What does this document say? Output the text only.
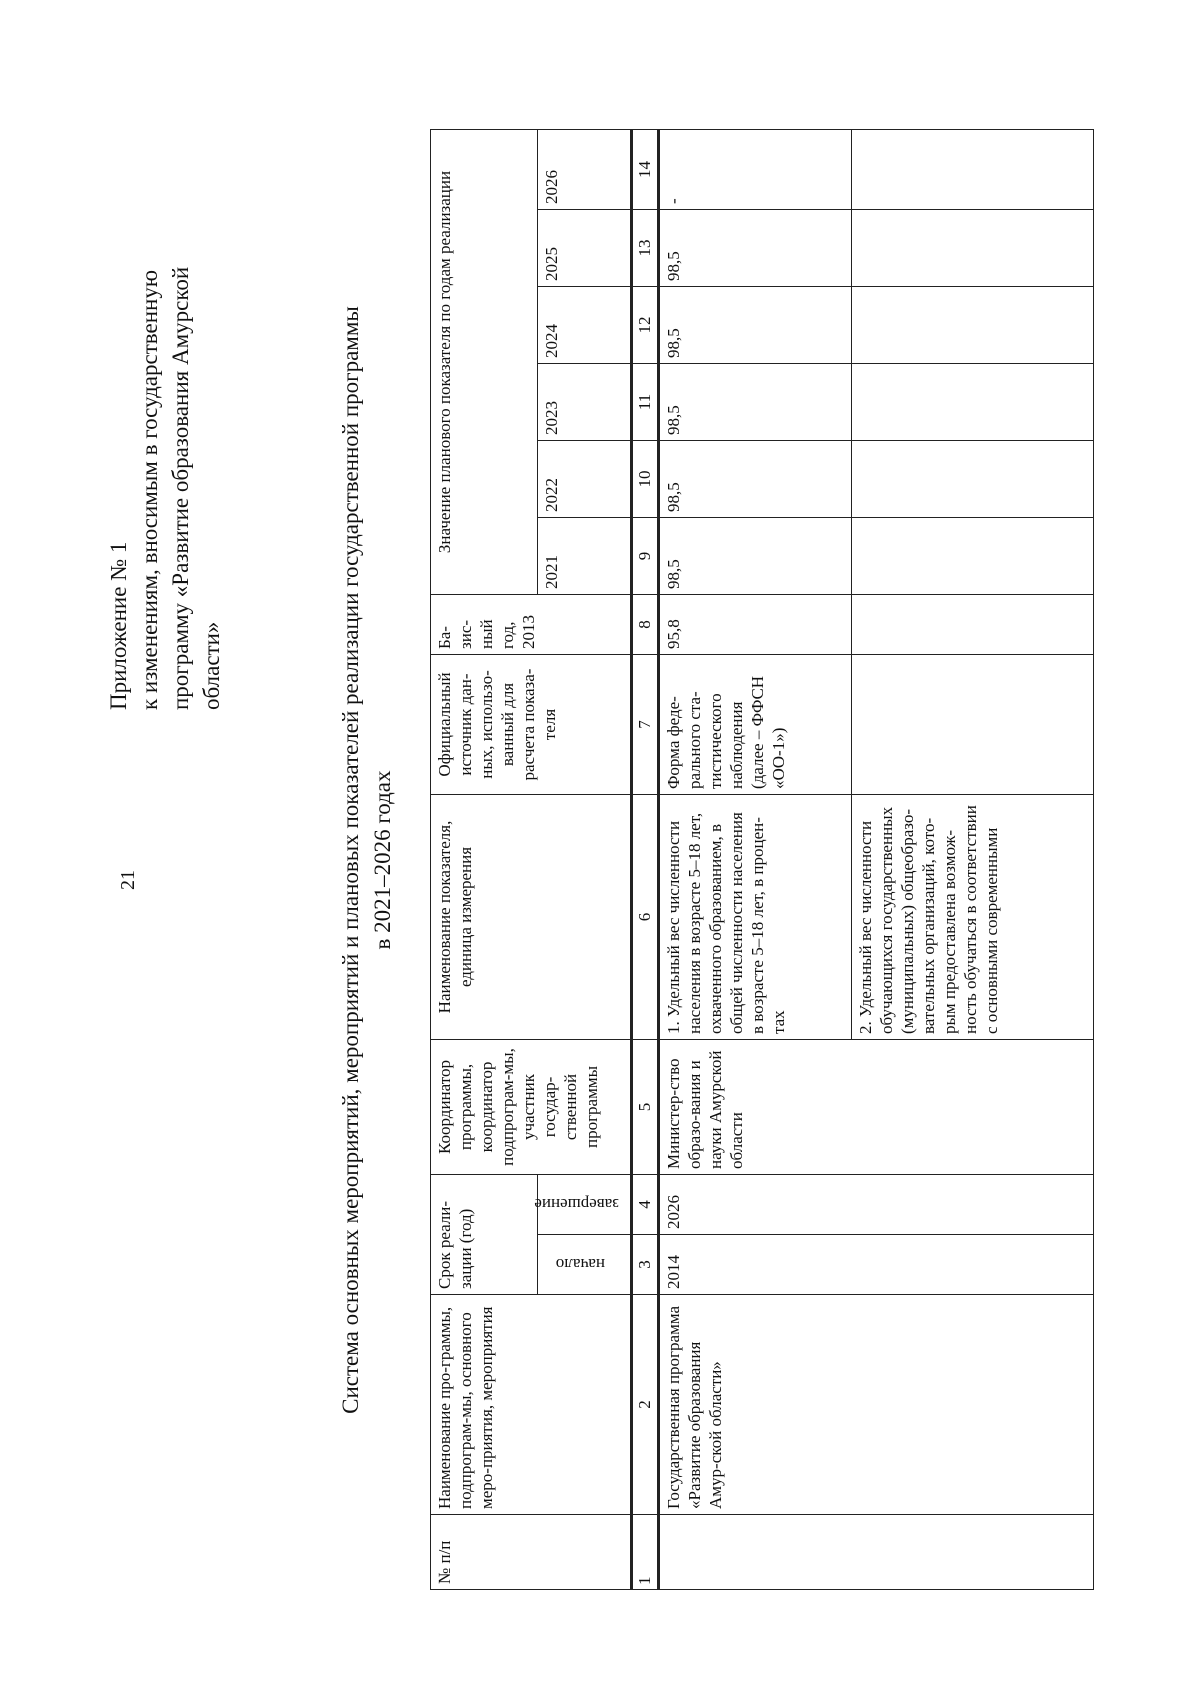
21
Приложение № 1 к изменениям, вносимым в государственную программу «Развитие образования Амурской области»	Система основных мероприятий, мероприятий и плановых показателей реализации государственной программы в 2021–2026 годах
№ п/п	Наименование про-граммы, подпрограм-мы, основного меро-приятия, мероприятия	Срок реали-зации (год)		Координатор программы, координатор подпрограм-мы, участник государ-ственной программы	Наименование показателя, единица измерения	Официальный источник дан-ных, использо-ванный для расчета показа-теля	Ба-зис-ный год, 2013	Значение планового показателя по годам реализации					

		начало	завершение					2021	2022	2023	2024	2025	2026
1	2	3	4	5	6	7	8	9	10	11	12	13	14
	Государственная программа «Развитие образования Амур-ской области»	2014	2026	Министер-ство образо-вания и науки Амурской области	1. Удельный вес численности населения в возрасте 5–18 лет, охваченного образованием, в общей численности населения в возрасте 5–18 лет, в процен-тах	Форма феде-рального ста-тистического наблюдения (далее – ФФСН «ОО-1»)	95,8	98,5	98,5	98,5	98,5	98,5	-
					2. Удельный вес численности обучающихся государственных (муниципальных) общеобразо-вательных организаций, кото-рым предоставлена возмож-ность обучаться в соответствии с основными современными								
